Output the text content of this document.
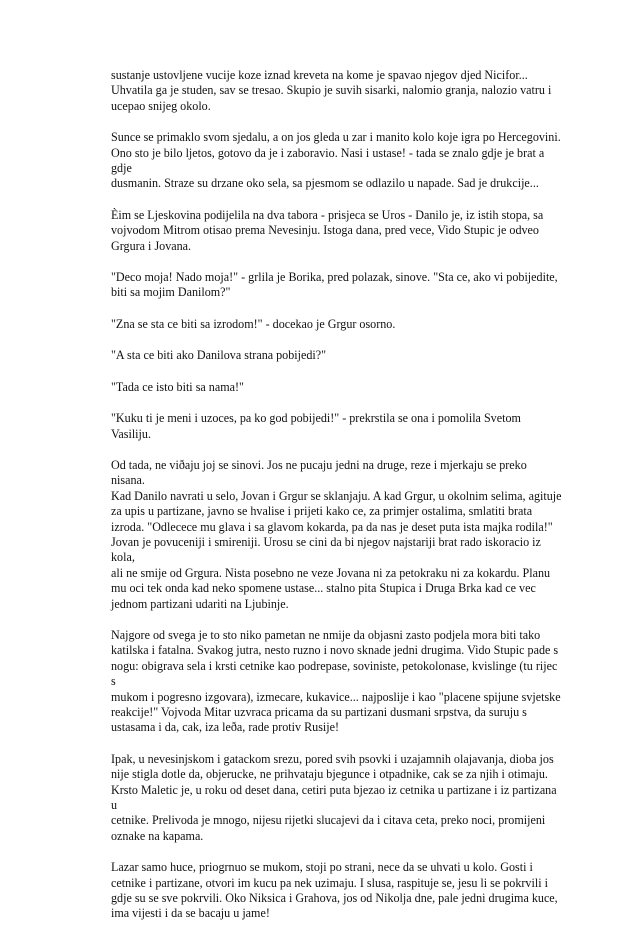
sustanje ustovljene vucije koze iznad kreveta na kome je spavao njegov djed Nicifor...
Uhvatila ga je studen, sav se tresao. Skupio je suvih sisarki, nalomio granja, nalozio vatru i
ucepao snijeg okolo.

Sunce se primaklo svom sjedalu, a on jos gleda u zar i manito kolo koje igra po Hercegovini.
Ono sto je bilo ljetos, gotovo da je i zaboravio. Nasi i ustase! - tada se znalo gdje je brat a gdje
dusmanin. Straze su drzane oko sela, sa pjesmom se odlazilo u napade. Sad je drukcije...

Èim se Ljeskovina podijelila na dva tabora - prisjeca se Uros - Danilo je, iz istih stopa, sa
vojvodom Mitrom otisao prema Nevesinju. Istoga dana, pred vece, Vido Stupic je odveo
Grgura i Jovana.

"Deco moja! Nado moja!" - grlila je Borika, pred polazak, sinove. "Sta ce, ako vi pobijedite,
biti sa mojim Danilom?"

"Zna se sta ce biti sa izrodom!" - docekao je Grgur osorno.

"A sta ce biti ako Danilova strana pobijedi?"

"Tada ce isto biti sa nama!"

"Kuku ti je meni i uzoces, pa ko god pobijedi!" - prekrstila se ona i pomolila Svetom Vasiliju.

Od tada, ne viðaju joj se sinovi. Jos ne pucaju jedni na druge, reze i mjerkaju se preko nisana.
Kad Danilo navrati u selo, Jovan i Grgur se sklanjaju. A kad Grgur, u okolnim selima, agituje
za upis u partizane, javno se hvalise i prijeti kako ce, za primjer ostalima, smlatiti brata
izroda. "Odlecece mu glava i sa glavom kokarda, pa da nas je deset puta ista majka rodila!"
Jovan je povuceniji i smireniji. Urosu se cini da bi njegov najstariji brat rado iskoracio iz kola,
ali ne smije od Grgura. Nista posebno ne veze Jovana ni za petokraku ni za kokardu. Planu
mu oci tek onda kad neko spomene ustase... stalno pita Stupica i Druga Brka kad ce vec
jednom partizani udariti na Ljubinje.

Najgore od svega je to sto niko pametan ne nmije da objasni zasto podjela mora biti tako
katilska i fatalna. Svakog jutra, nesto ruzno i novo sknade jedni drugima. Vido Stupic pade s
nogu: obigrava sela i krsti cetnike kao podrepase, soviniste, petokolonase, kvislinge (tu rijec s
mukom i pogresno izgovara), izmecare, kukavice... najposlije i kao "placene spijune svjetske
reakcije!" Vojvoda Mitar uzvraca pricama da su partizani dusmani srpstva, da suruju s
ustasama i da, cak, iza leða, rade protiv Rusije!

Ipak, u nevesinjskom i gatackom srezu, pored svih psovki i uzajamnih olajavanja, dioba jos
nije stigla dotle da, objerucke, ne prihvataju bjegunce i otpadnike, cak se za njih i otimaju.
Krsto Maletic je, u roku od deset dana, cetiri puta bjezao iz cetnika u partizane i iz partizana u
cetnike. Prelivoda je mnogo, nijesu rijetki slucajevi da i citava ceta, preko noci, promijeni
oznake na kapama.

Lazar samo huce, priogrnuo se mukom, stoji po strani, nece da se uhvati u kolo. Gosti i
cetnike i partizane, otvori im kucu pa nek uzimaju. I slusa, raspituje se, jesu li se pokrvili i
gdje su se sve pokrvili. Oko Niksica i Grahova, jos od Nikolja dne, pale jedni drugima kuce,
ima vijesti i da se bacaju u jame!
